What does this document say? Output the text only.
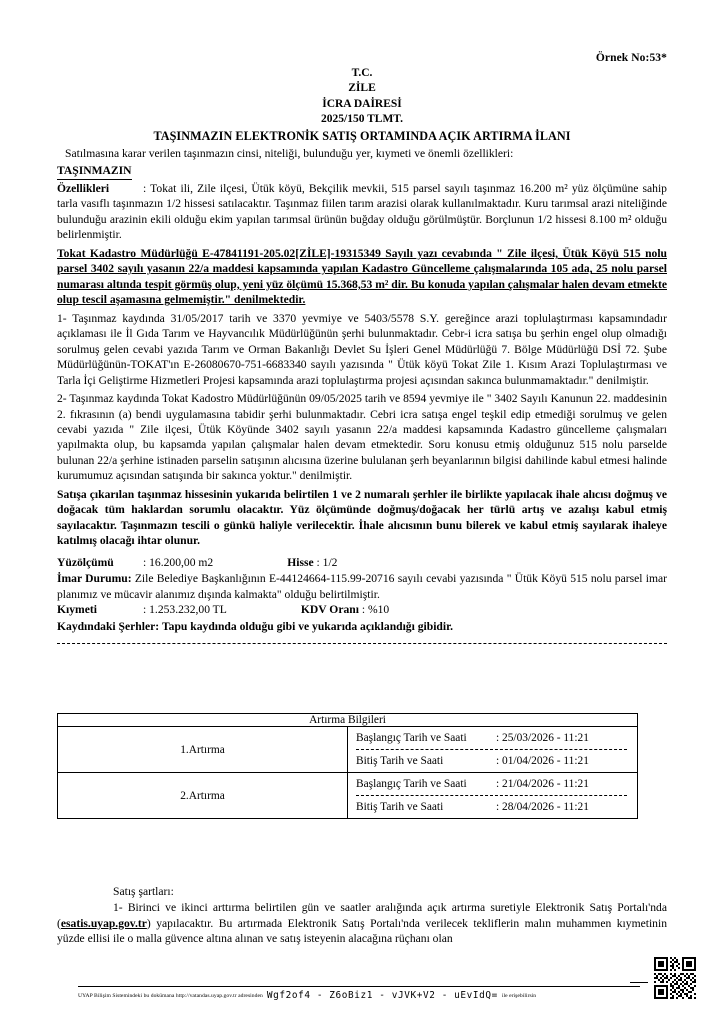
Örnek No:53*
T.C.
ZİLE
İCRA DAİRESİ
2025/150 TLMT.
TAŞINMAZIN ELEKTRONİK SATIŞ ORTAMINDA AÇIK ARTIRMA İLANI

Satılmasına karar verilen taşınmazın cinsi, niteliği, bulunduğu yer, kıymeti ve önemli özellikleri:

TAŞINMAZIN
Özellikleri	: Tokat ili, Zile ilçesi, Ütük köyü, Bekçilik mevkii, 515 parsel sayılı taşınmaz 16.200 m² yüz ölçümüne sahip tarla vasıflı taşınmazın 1/2 hissesi satılacaktır. Taşınmaz fiilen tarım arazisi olarak kullanılmaktadır. Kuru tarımsal arazi niteliğinde bulunduğu arazinin ekili olduğu ekim yapılan tarımsal ürünün buğday olduğu görülmüştür. Borçlunun 1/2 hissesi 8.100 m² olduğu belirlenmiştir.

Tokat Kadastro Müdürlüğü E-47841191-205.02[ZİLE]-19315349 Sayılı yazı cevabında " Zile ilçesi, Ütük Köyü 515 nolu parsel 3402 sayılı yasanın 22/a maddesi kapsamında yapılan Kadastro Güncelleme çalışmalarında 105 ada, 25 nolu parsel numarası altında tespit görmüş olup, yeni yüz ölçümü 15.368,53 m² dir. Bu konuda yapılan çalışmalar halen devam etmekte olup tescil aşamasına gelmemiştir." denilmektedir.

1- Taşınmaz kaydında 31/05/2017 tarih ve 3370 yevmiye ve 5403/5578 S.Y. gereğince arazi toplulaştırması kapsamındadır açıklaması ile İl Gıda Tarım ve Hayvancılık Müdürlüğünün şerhi bulunmaktadır. Cebr-i icra satışa bu şerhin engel olup olmadığı sorulmuş gelen cevabi yazıda Tarım ve Orman Bakanlığı Devlet Su İşleri Genel Müdürlüğü 7. Bölge Müdürlüğü DSİ 72. Şube Müdürlüğünün-TOKAT'ın E-26080670-751-6683340 sayılı yazısında " Ütük köyü Tokat Zile 1. Kısım Arazi Toplulaştırması ve Tarla İçi Geliştirme Hizmetleri Projesi kapsamında arazi toplulaştırma projesi açısından sakınca bulunmamaktadır." denilmiştir.

2- Taşınmaz kaydında Tokat Kadostro Müdürlüğünün 09/05/2025 tarih ve 8594 yevmiye ile " 3402 Sayılı Kanunun 22. maddesinin 2. fıkrasının (a) bendi uygulamasına tabidir şerhi bulunmaktadır. Cebri icra satışa engel teşkil edip etmediği sorulmuş ve gelen cevabi yazıda " Zile ilçesi, Ütük Köyünde 3402 sayılı yasanın 22/a maddesi kapsamında Kadastro güncelleme çalışmaları yapılmakta olup, bu kapsamda yapılan çalışmalar halen devam etmektedir. Soru konusu etmiş olduğunuz 515 nolu parselde bulunan 22/a şerhine istinaden parselin satışının alıcısına üzerine bululanan şerh beyanlarının bilgisi dahilinde kabul etmesi halinde kurumumuz açısından satışında bir sakınca yoktur." denilmiştir.

Satışa çıkarılan taşınmaz hissesinin yukarıda belirtilen 1 ve 2 numaralı şerhler ile birlikte yapılacak ihale alıcısı doğmuş ve doğacak tüm haklardan sorumlu olacaktır. Yüz ölçümünde doğmuş/doğacak her türlü artış ve azalışı kabul etmiş sayılacaktır. Taşınmazın tescili o günkü haliyle verilecektir. İhale alıcısının bunu bilerek ve kabul etmiş sayılarak ihaleye katılmış olacağı ihtar olunur.

Yüzölçümü	: 16.200,00 m2	Hisse : 1/2
İmar Durumu: Zile Belediye Başkanlığının E-44124664-115.99-20716 sayılı cevabi yazısında " Ütük Köyü 515 nolu parsel imar planımız ve mücavir alanımız dışında kalmakta" olduğu belirtilmiştir.
Kıymeti	: 1.253.232,00 TL	KDV Oranı : %10
Kaydındaki Şerhler: Tapu kaydında olduğu gibi ve yukarıda açıklandığı gibidir.
Artırma Bilgileri	
1.Artırma	Başlangıç Tarih ve Saati : 25/03/2026 - 11:21
Bitiş Tarih ve Saati : 01/04/2026 - 11:21

2.Artırma	Başlangıç Tarih ve Saati : 21/04/2026 - 11:21
Bitiş Tarih ve Saati : 28/04/2026 - 11:21
Satış şartları:

1- Birinci ve ikinci arttırma belirtilen gün ve saatler aralığında açık artırma suretiyle Elektronik Satış Portalı'nda (esatis.uyap.gov.tr) yapılacaktır. Bu artırmada Elektronik Satış Portalı'nda verilecek tekliflerin malın muhammen kıymetinin yüzde ellisi ile o malla güvence altına alınan ve satış isteyenin alacağına rüçhanı olan

UYAP Bilişim Sistemindeki bu dokümana http://vatandas.uyap.gov.tr adresinden Wgf2of4 - Z6oBiz1 - vJVK+V2 - uEvIdQ= ile erişebilirsin
